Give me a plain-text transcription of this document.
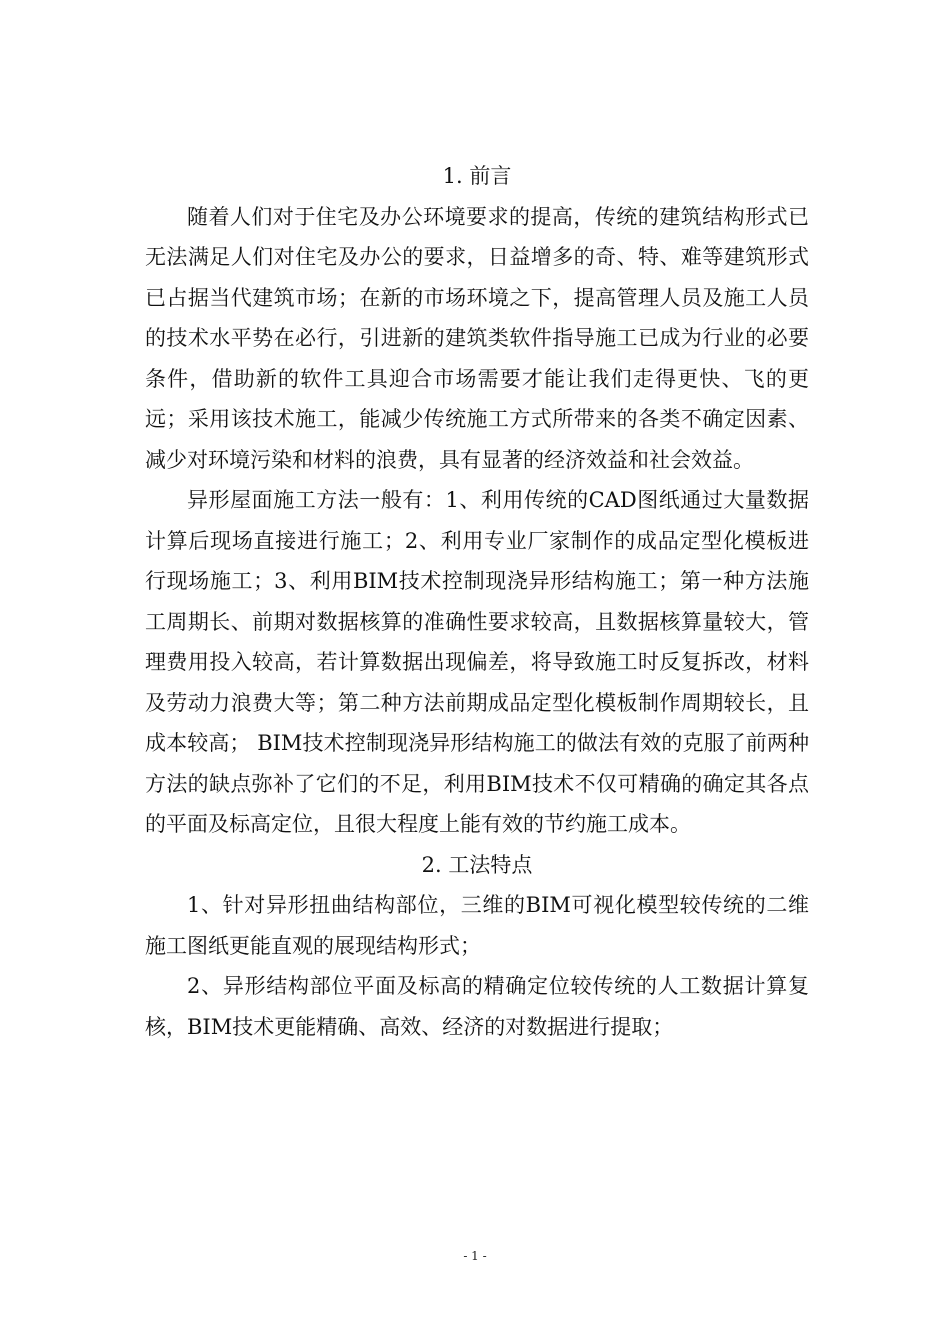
1. 前言

随着人们对于住宅及办公环境要求的提高，传统的建筑结构形式已无法满足人们对住宅及办公的要求，日益增多的奇、特、难等建筑形式已占据当代建筑市场；在新的市场环境之下，提高管理人员及施工人员的技术水平势在必行，引进新的建筑类软件指导施工已成为行业的必要条件，借助新的软件工具迎合市场需要才能让我们走得更快、飞的更远；采用该技术施工，能减少传统施工方式所带来的各类不确定因素、减少对环境污染和材料的浪费，具有显著的经济效益和社会效益。

异形屋面施工方法一般有：1、利用传统的CAD图纸通过大量数据计算后现场直接进行施工；2、利用专业厂家制作的成品定型化模板进行现场施工；3、利用BIM技术控制现浇异形结构施工；第一种方法施工周期长、前期对数据核算的准确性要求较高，且数据核算量较大，管理费用投入较高，若计算数据出现偏差，将导致施工时反复拆改，材料及劳动力浪费大等；第二种方法前期成品定型化模板制作周期较长，且成本较高； BIM技术控制现浇异形结构施工的做法有效的克服了前两种方法的缺点弥补了它们的不足，利用BIM技术不仅可精确的确定其各点的平面及标高定位，且很大程度上能有效的节约施工成本。

2. 工法特点

1、针对异形扭曲结构部位，三维的BIM可视化模型较传统的二维施工图纸更能直观的展现结构形式；

2、异形结构部位平面及标高的精确定位较传统的人工数据计算复核，BIM技术更能精确、高效、经济的对数据进行提取；

- 1 -
